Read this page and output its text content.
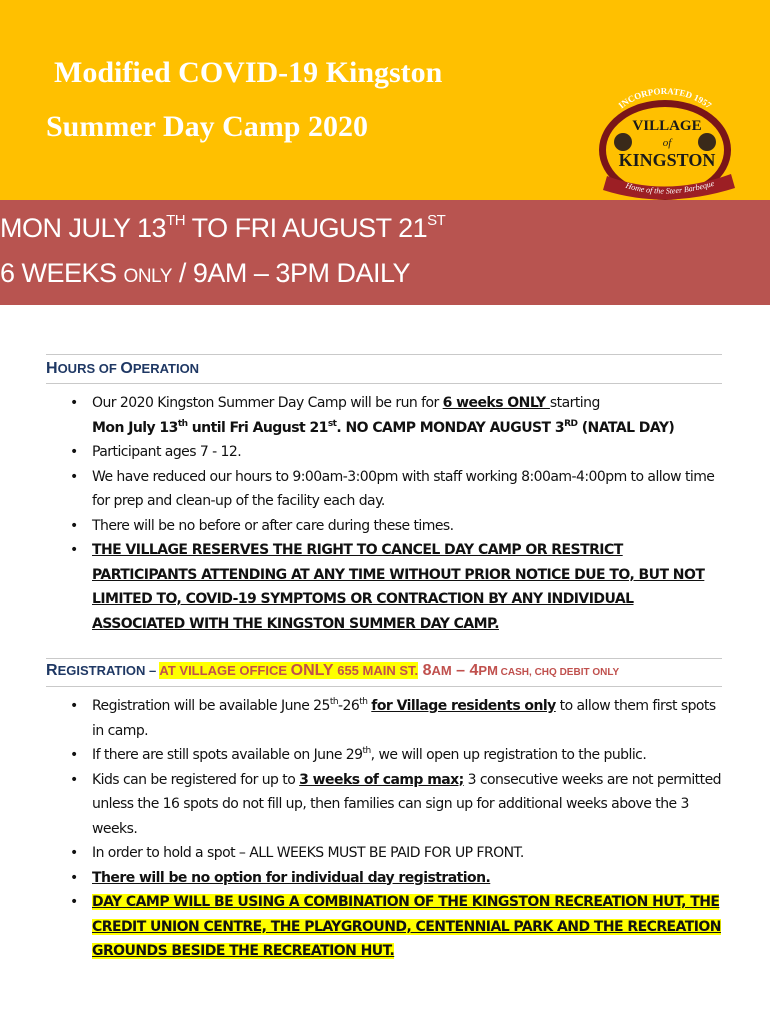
Modified COVID-19 Kingston
Summer Day Camp 2020
INCORPORATED 1957
VILLAGE
of
KINGSTON
Home of the Steer Barbeque
MON JULY 13TH TO FRI AUGUST 21ST
6 WEEKS ONLY / 9AM – 3PM DAILY
HOURS OF OPERATION
• Our 2020 Kingston Summer Day Camp will be run for 6 weeks ONLY starting
Mon July 13th until Fri August 21st. NO CAMP MONDAY AUGUST 3RD (NATAL DAY)
• Participant ages 7 - 12.
• We have reduced our hours to 9:00am-3:00pm with staff working 8:00am-4:00pm to allow time for prep and clean-up of the facility each day.
• There will be no before or after care during these times.
• THE VILLAGE RESERVES THE RIGHT TO CANCEL DAY CAMP OR RESTRICT PARTICIPANTS ATTENDING AT ANY TIME WITHOUT PRIOR NOTICE DUE TO, BUT NOT LIMITED TO, COVID-19 SYMPTOMS OR CONTRACTION BY ANY INDIVIDUAL ASSOCIATED WITH THE KINGSTON SUMMER DAY CAMP.
REGISTRATION – AT VILLAGE OFFICE ONLY 655 MAIN ST. 8AM – 4PM CASH, CHQ DEBIT ONLY
• Registration will be available June 25th-26th for Village residents only to allow them first spots in camp.
• If there are still spots available on June 29th, we will open up registration to the public.
• Kids can be registered for up to 3 weeks of camp max; 3 consecutive weeks are not permitted unless the 16 spots do not fill up, then families can sign up for additional weeks above the 3 weeks.
• In order to hold a spot – ALL WEEKS MUST BE PAID FOR UP FRONT.
• There will be no option for individual day registration.
• DAY CAMP WILL BE USING A COMBINATION OF THE KINGSTON RECREATION HUT, THE CREDIT UNION CENTRE, THE PLAYGROUND, CENTENNIAL PARK AND THE RECREATION GROUNDS BESIDE THE RECREATION HUT.
